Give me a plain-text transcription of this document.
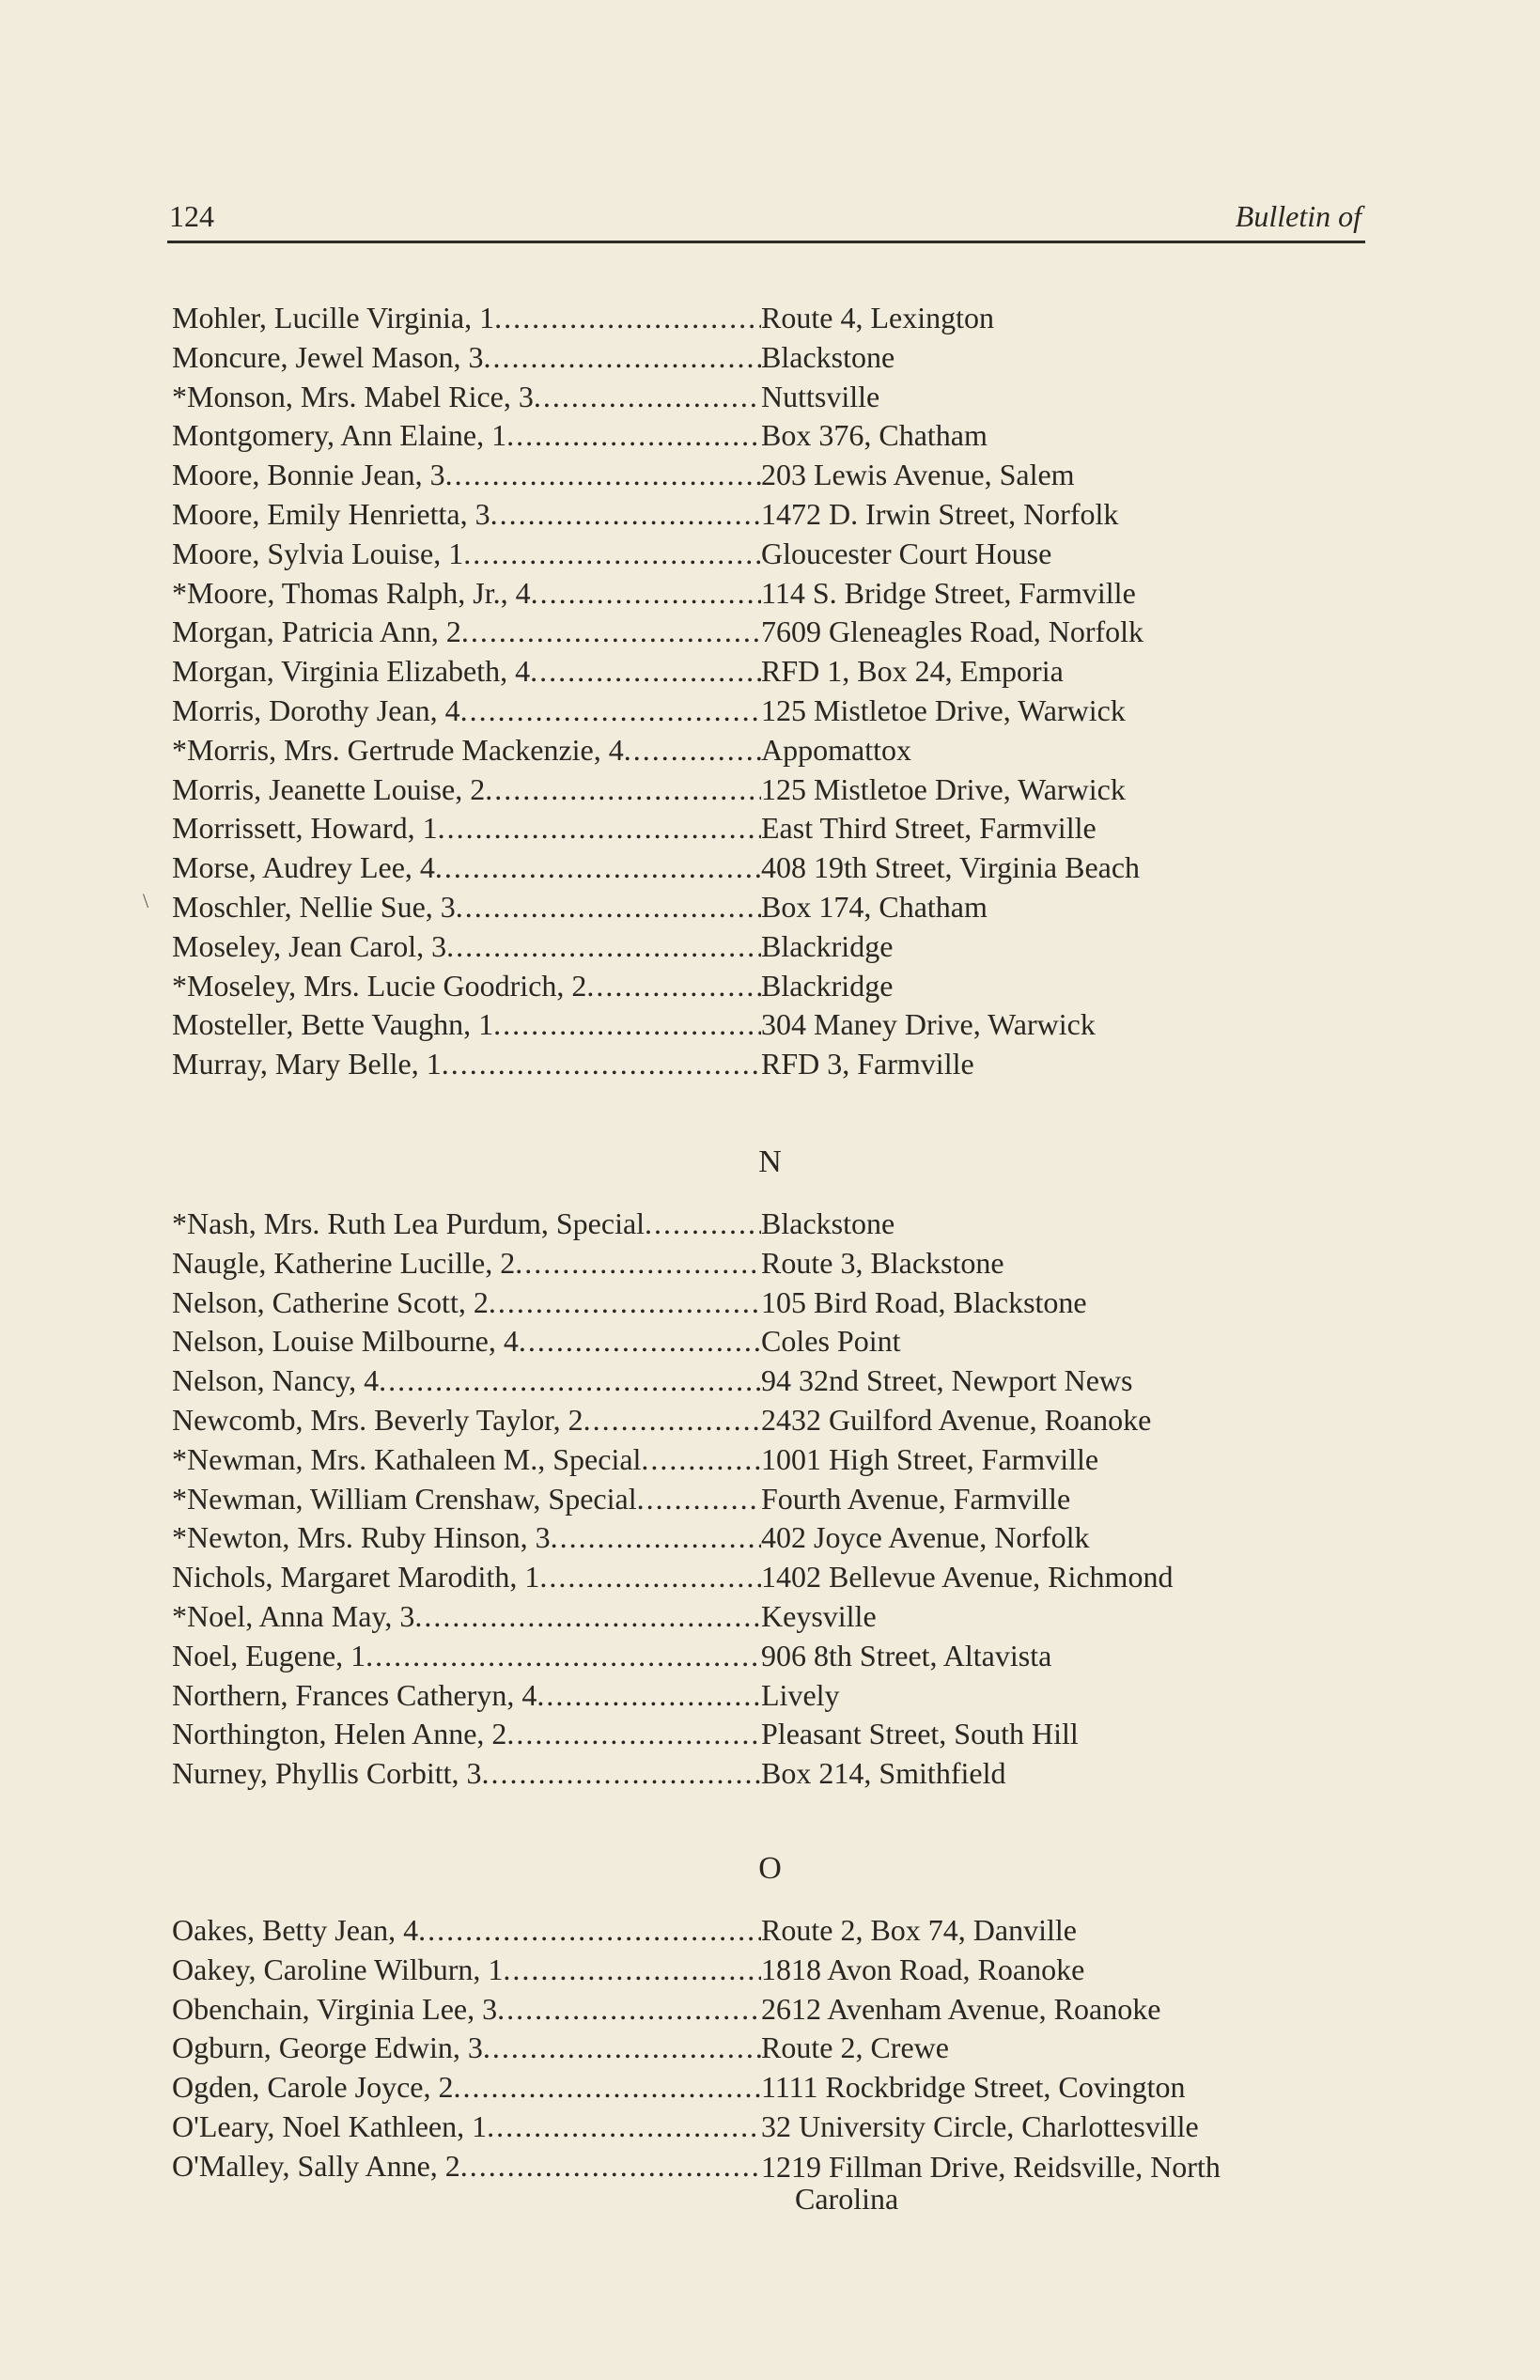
124	Bulletin of
\
Mohler, Lucille Virginia, 1 .....	Route 4, Lexington
Moncure, Jewel Mason, 3 .....	Blackstone
*Monson, Mrs. Mabel Rice, 3 .....	Nuttsville
Montgomery, Ann Elaine, 1 .....	Box 376, Chatham
Moore, Bonnie Jean, 3 .....	203 Lewis Avenue, Salem
Moore, Emily Henrietta, 3 .....	1472 D. Irwin Street, Norfolk
Moore, Sylvia Louise, 1 .....	Gloucester Court House
*Moore, Thomas Ralph, Jr., 4 .....	114 S. Bridge Street, Farmville
Morgan, Patricia Ann, 2 .....	7609 Gleneagles Road, Norfolk
Morgan, Virginia Elizabeth, 4 .....	RFD 1, Box 24, Emporia
Morris, Dorothy Jean, 4 .....	125 Mistletoe Drive, Warwick
*Morris, Mrs. Gertrude Mackenzie, 4 .....	Appomattox
Morris, Jeanette Louise, 2 .....	125 Mistletoe Drive, Warwick
Morrissett, Howard, 1 .....	East Third Street, Farmville
Morse, Audrey Lee, 4 .....	408 19th Street, Virginia Beach
Moschler, Nellie Sue, 3 .....	Box 174, Chatham
Moseley, Jean Carol, 3 .....	Blackridge
*Moseley, Mrs. Lucie Goodrich, 2 .....	Blackridge
Mosteller, Bette Vaughn, 1 .....	304 Maney Drive, Warwick
Murray, Mary Belle, 1 .....	RFD 3, Farmville
N
*Nash, Mrs. Ruth Lea Purdum, Special .....	Blackstone
Naugle, Katherine Lucille, 2 .....	Route 3, Blackstone
Nelson, Catherine Scott, 2 .....	105 Bird Road, Blackstone
Nelson, Louise Milbourne, 4 .....	Coles Point
Nelson, Nancy, 4 .....	94 32nd Street, Newport News
Newcomb, Mrs. Beverly Taylor, 2 .....	2432 Guilford Avenue, Roanoke
*Newman, Mrs. Kathaleen M., Special .....	1001 High Street, Farmville
*Newman, William Crenshaw, Special .....	Fourth Avenue, Farmville
*Newton, Mrs. Ruby Hinson, 3 .....	402 Joyce Avenue, Norfolk
Nichols, Margaret Marodith, 1 .....	1402 Bellevue Avenue, Richmond
*Noel, Anna May, 3 .....	Keysville
Noel, Eugene, 1 .....	906 8th Street, Altavista
Northern, Frances Catheryn, 4 .....	Lively
Northington, Helen Anne, 2 .....	Pleasant Street, South Hill
Nurney, Phyllis Corbitt, 3 .....	Box 214, Smithfield
O
Oakes, Betty Jean, 4 .....	Route 2, Box 74, Danville
Oakey, Caroline Wilburn, 1 .....	1818 Avon Road, Roanoke
Obenchain, Virginia Lee, 3 .....	2612 Avenham Avenue, Roanoke
Ogburn, George Edwin, 3 .....	Route 2, Crewe
Ogden, Carole Joyce, 2 .....	1111 Rockbridge Street, Covington
O'Leary, Noel Kathleen, 1 .....	32 University Circle, Charlottesville
O'Malley, Sally Anne, 2 .....	1219 Fillman Drive, Reidsville, North
Carolina
